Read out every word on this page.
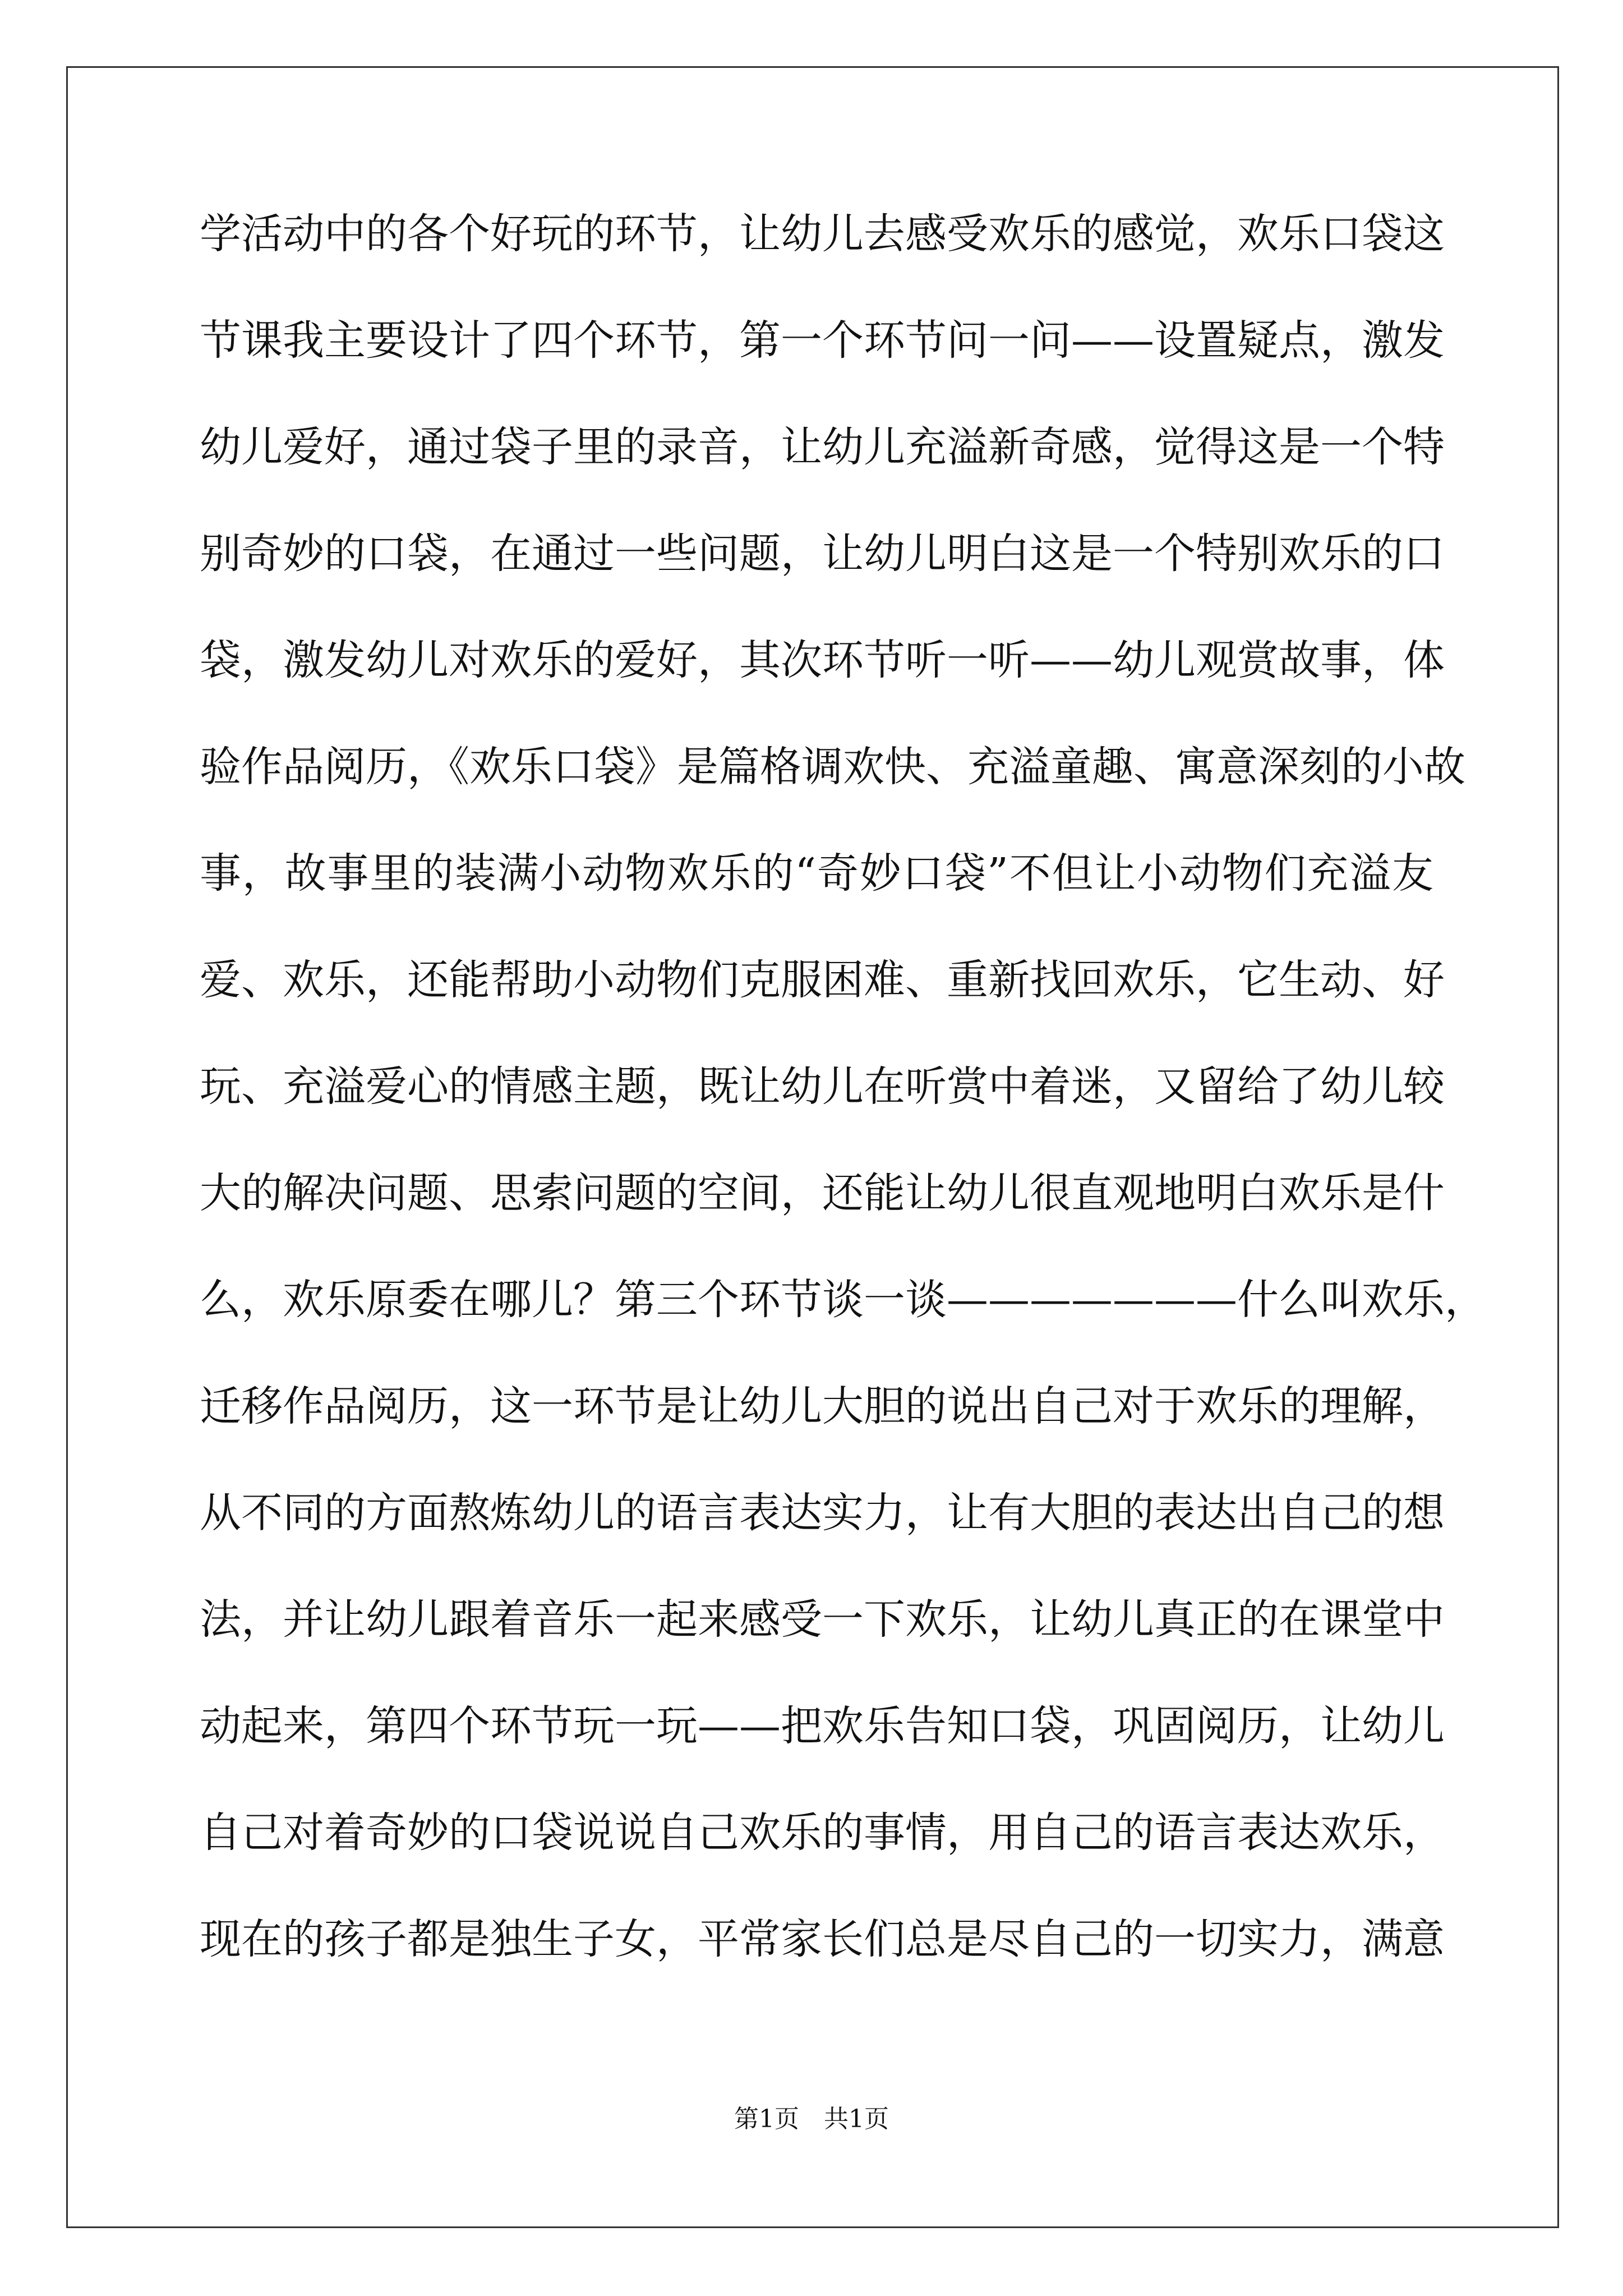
学活动中的各个好玩的环节，让幼儿去感受欢乐的感觉，欢乐口袋这
节课我主要设计了四个环节，第一个环节问一问——设置疑点，激发
幼儿爱好，通过袋子里的录音，让幼儿充溢新奇感，觉得这是一个特
别奇妙的口袋，在通过一些问题，让幼儿明白这是一个特别欢乐的口
袋，激发幼儿对欢乐的爱好，其次环节听一听——幼儿观赏故事，体
验作品阅历，《欢乐口袋》是篇格调欢快、充溢童趣、寓意深刻的小故
事，故事里的装满小动物欢乐的“奇妙口袋”不但让小动物们充溢友
爱、欢乐，还能帮助小动物们克服困难、重新找回欢乐，它生动、好
玩、充溢爱心的情感主题，既让幼儿在听赏中着迷，又留给了幼儿较
大的解决问题、思索问题的空间，还能让幼儿很直观地明白欢乐是什
么，欢乐原委在哪儿？第三个环节谈一谈———————什么叫欢乐，
迁移作品阅历，这一环节是让幼儿大胆的说出自己对于欢乐的理解，
从不同的方面熬炼幼儿的语言表达实力，让有大胆的表达出自己的想
法，并让幼儿跟着音乐一起来感受一下欢乐，让幼儿真正的在课堂中
动起来，第四个环节玩一玩——把欢乐告知口袋，巩固阅历，让幼儿
自己对着奇妙的口袋说说自己欢乐的事情，用自己的语言表达欢乐，
现在的孩子都是独生子女，平常家长们总是尽自己的一切实力，满意
第1页 共1页
